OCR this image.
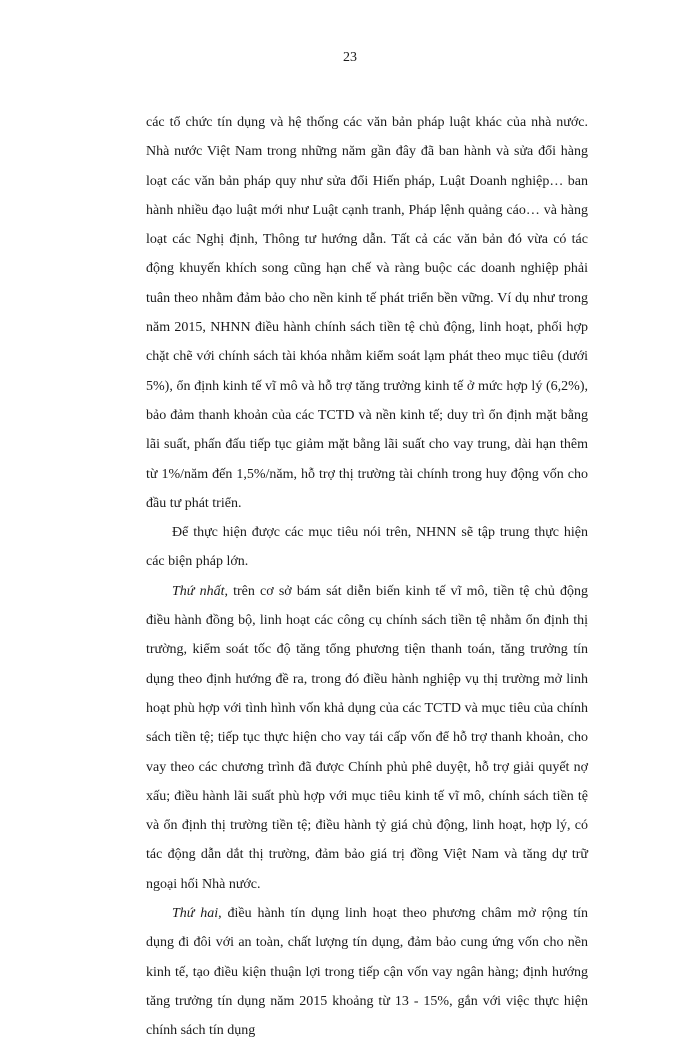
23

các tổ chức tín dụng và hệ thống các văn bản pháp luật khác của nhà nước. Nhà nước Việt Nam trong những năm gần đây đã ban hành và sửa đổi hàng loạt các văn bản pháp quy như sửa đổi Hiến pháp, Luật Doanh nghiệp… ban hành nhiều đạo luật mới như Luật cạnh tranh, Pháp lệnh quảng cáo… và hàng loạt các Nghị định, Thông tư hướng dẫn. Tất cả các văn bản đó vừa có tác động khuyến khích song cũng hạn chế và ràng buộc các doanh nghiệp phải tuân theo nhằm đảm bảo cho nền kinh tế phát triển bền vững. Ví dụ như trong năm 2015, NHNN điều hành chính sách tiền tệ chủ động, linh hoạt, phối hợp chặt chẽ với chính sách tài khóa nhằm kiểm soát lạm phát theo mục tiêu (dưới 5%), ổn định kinh tế vĩ mô và hỗ trợ tăng trưởng kinh tế ở mức hợp lý (6,2%), bảo đảm thanh khoản của các TCTD và nền kinh tế; duy trì ổn định mặt bằng lãi suất, phấn đấu tiếp tục giảm mặt bằng lãi suất cho vay trung, dài hạn thêm từ 1%/năm đến 1,5%/năm, hỗ trợ thị trường tài chính trong huy động vốn cho đầu tư phát triển.

Để thực hiện được các mục tiêu nói trên, NHNN sẽ tập trung thực hiện các biện pháp lớn.

Thứ nhất, trên cơ sở bám sát diễn biến kinh tế vĩ mô, tiền tệ chủ động điều hành đồng bộ, linh hoạt các công cụ chính sách tiền tệ nhằm ổn định thị trường, kiểm soát tốc độ tăng tổng phương tiện thanh toán, tăng trưởng tín dụng theo định hướng đề ra, trong đó điều hành nghiệp vụ thị trường mở linh hoạt phù hợp với tình hình vốn khả dụng của các TCTD và mục tiêu của chính sách tiền tệ; tiếp tục thực hiện cho vay tái cấp vốn để hỗ trợ thanh khoản, cho vay theo các chương trình đã được Chính phủ phê duyệt, hỗ trợ giải quyết nợ xấu; điều hành lãi suất phù hợp với mục tiêu kinh tế vĩ mô, chính sách tiền tệ và ổn định thị trường tiền tệ; điều hành tỷ giá chủ động, linh hoạt, hợp lý, có tác động dẫn dắt thị trường, đảm bảo giá trị đồng Việt Nam và tăng dự trữ ngoại hối Nhà nước.

Thứ hai, điều hành tín dụng linh hoạt theo phương châm mở rộng tín dụng đi đôi với an toàn, chất lượng tín dụng, đảm bảo cung ứng vốn cho nền kinh tế, tạo điều kiện thuận lợi trong tiếp cận vốn vay ngân hàng; định hướng tăng trưởng tín dụng năm 2015 khoảng từ 13 - 15%, gắn với việc thực hiện chính sách tín dụng
